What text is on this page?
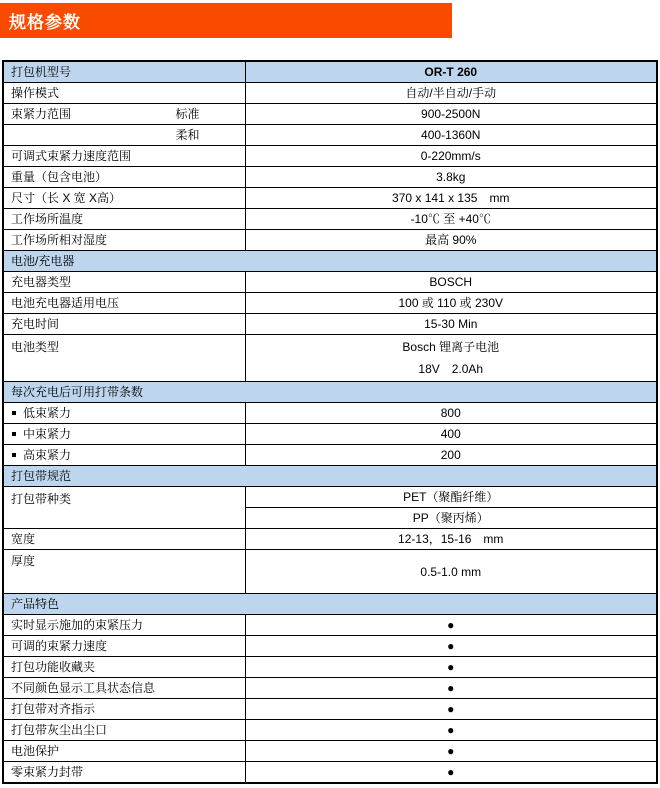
规格参数
打包机型号	OR-T 260
操作模式	自动/半自动/手动

束紧力范围 标准	900-2500N

柔和	400-1360N
可调式束紧力速度范围	0-220mm/s
重量（包含电池）	3.8kg
尺寸（长 X 宽 X高）	370 x 141 x 135　mm
工作场所温度	-10℃ 至 +40℃
工作场所相对湿度	最高 90%
电池/充电器	
充电器类型	BOSCH
电池充电器适用电压	100 或 110 或 230V
充电时间	15-30 Min
电池类型	Bosch 锂离子电池
18V　2.0Ah

每次充电后可用打带条数	
低束紧力	800
中束紧力	400
高束紧力	200
打包带规范	
打包带种类	PET（聚酯纤维）
	PP（聚丙烯）
宽度	12-13，15-16　mm
厚度	0.5-1.0 mm
产品特色	
实时显示施加的束紧压力	●
可调的束紧力速度	●
打包功能收藏夹	●
不同颜色显示工具状态信息	●
打包带对齐指示	●
打包带灰尘出尘口	●
电池保护	●
零束紧力封带	●
